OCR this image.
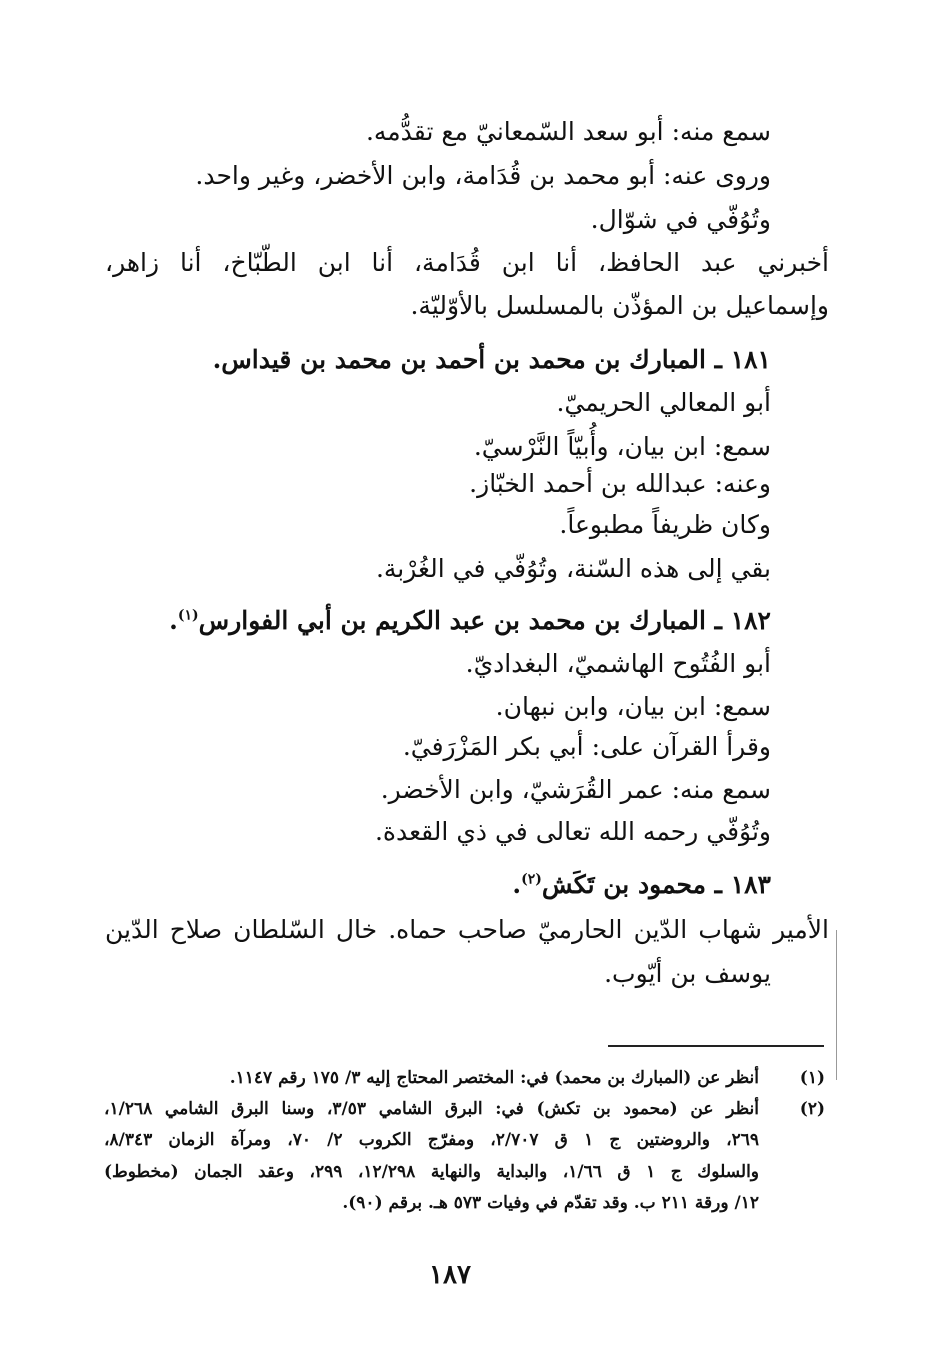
سمع منه: أبو سعد السّمعانيّ مع تقدُّمه.
وروى عنه: أبو محمد بن قُدَامة، وابن الأخضر، وغير واحد.
وتُوُفّي في شوّال.
أخبرني عبد الحافظ، أنا ابن قُدَامة، أنا ابن الطّبّاخ، أنا زاهر،
وإسماعيل بن المؤذّن بالمسلسل بالأوّليّة.
١٨١ ـ المبارك بن محمد بن أحمد بن محمد بن قيداس.
أبو المعالي الحريميّ.
سمع: ابن بيان، وأُبيّاً النَّرْسيّ.
وعنه: عبدالله بن أحمد الخبّاز.
وكان ظريفاً مطبوعاً.
بقي إلى هذه السّنة، وتُوُفّي في الغُرْبة.
١٨٢ ـ المبارك بن محمد بن عبد الكريم بن أبي الفوارس$^{(١)}$.
أبو الفُتُوح الهاشميّ، البغداديّ.
سمع: ابن بيان، وابن نبهان.
وقرأ القرآن على: أبي بكر المَزْرَفيّ.
سمع منه: عمر القُرَشيّ، وابن الأخضر.
وتُوُفّي رحمه الله تعالى في ذي القعدة.
١٨٣ ـ محمود بن تَكَش$^{(٢)}$.
الأمير شهاب الدّين الحارميّ صاحب حماه. خال السّلطان صلاح الدّين
يوسف بن أيّوب.
(١)
أنظر عن (المبارك بن محمد) في: المختصر المحتاج إليه ٣/ ١٧٥ رقم ١١٤٧.
(٢)
أنظر عن (محمود بن تكش) في: البرق الشامي ٣/٥٣، وسنا البرق الشامي ١/٢٦٨،
٢٦٩، والروضتين ج ١ ق ٢/٧٠٧، ومفرّج الكروب ٢/ ٧٠، ومرآة الزمان ٨/٣٤٣،
والسلوك ج ١ ق ١/٦٦، والبداية والنهاية ١٢/٢٩٨، ٢٩٩، وعقد الجمان (مخطوط)
١٢/ ورقة ٢١١ ب. وقد تقدّم في وفيات ٥٧٣ هـ. برقم (٩٠).
١٨٧
